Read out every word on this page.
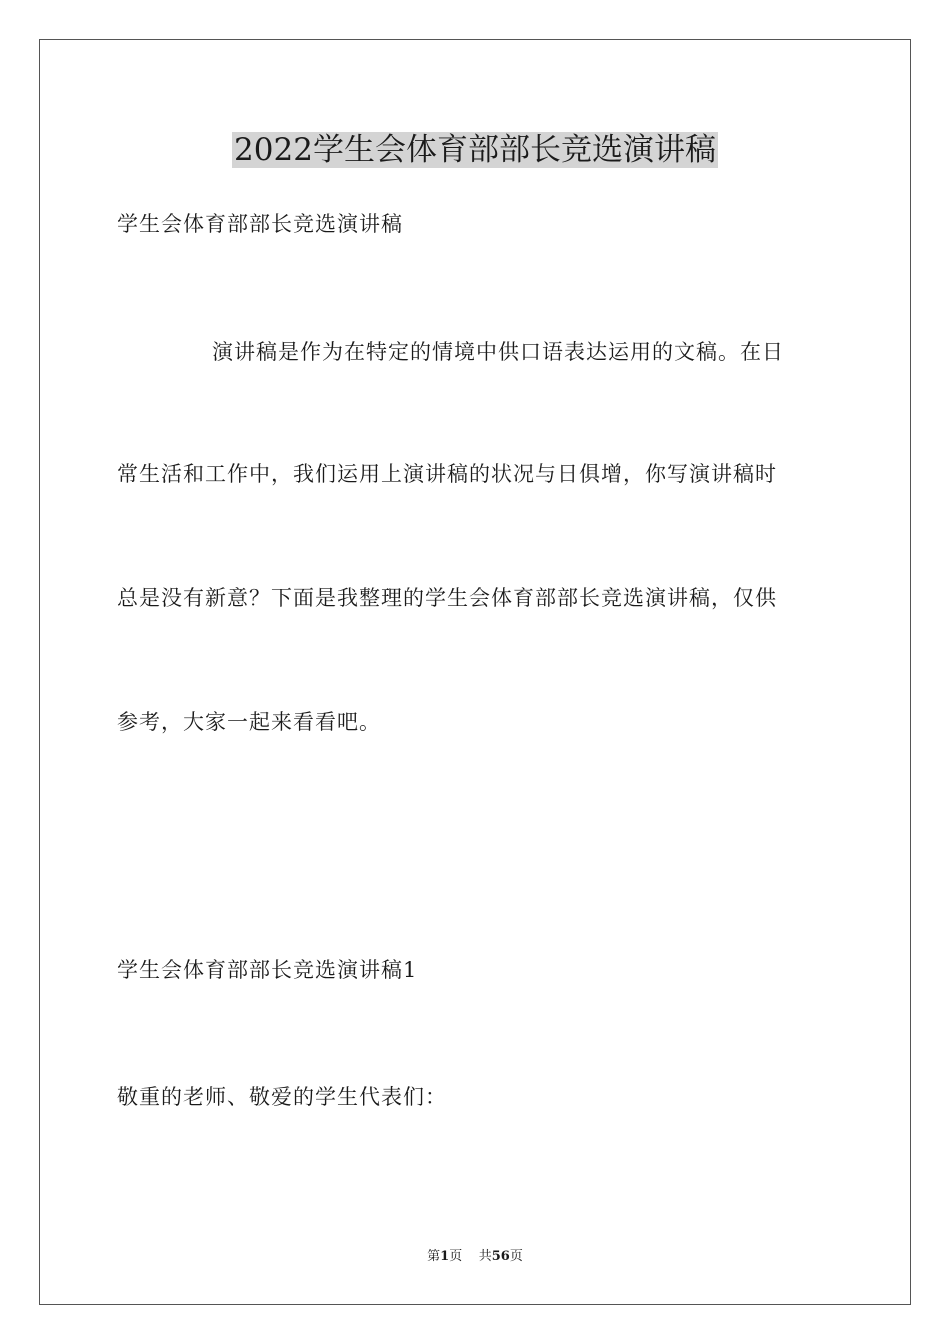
2022学生会体育部部长竞选演讲稿
学生会体育部部长竞选演讲稿
演讲稿是作为在特定的情境中供口语表达运用的文稿。在日
常生活和工作中，我们运用上演讲稿的状况与日俱增，你写演讲稿时
总是没有新意？下面是我整理的学生会体育部部长竞选演讲稿，仅供
参考，大家一起来看看吧。
学生会体育部部长竞选演讲稿1
敬重的老师、敬爱的学生代表们：
第1页 共56页
